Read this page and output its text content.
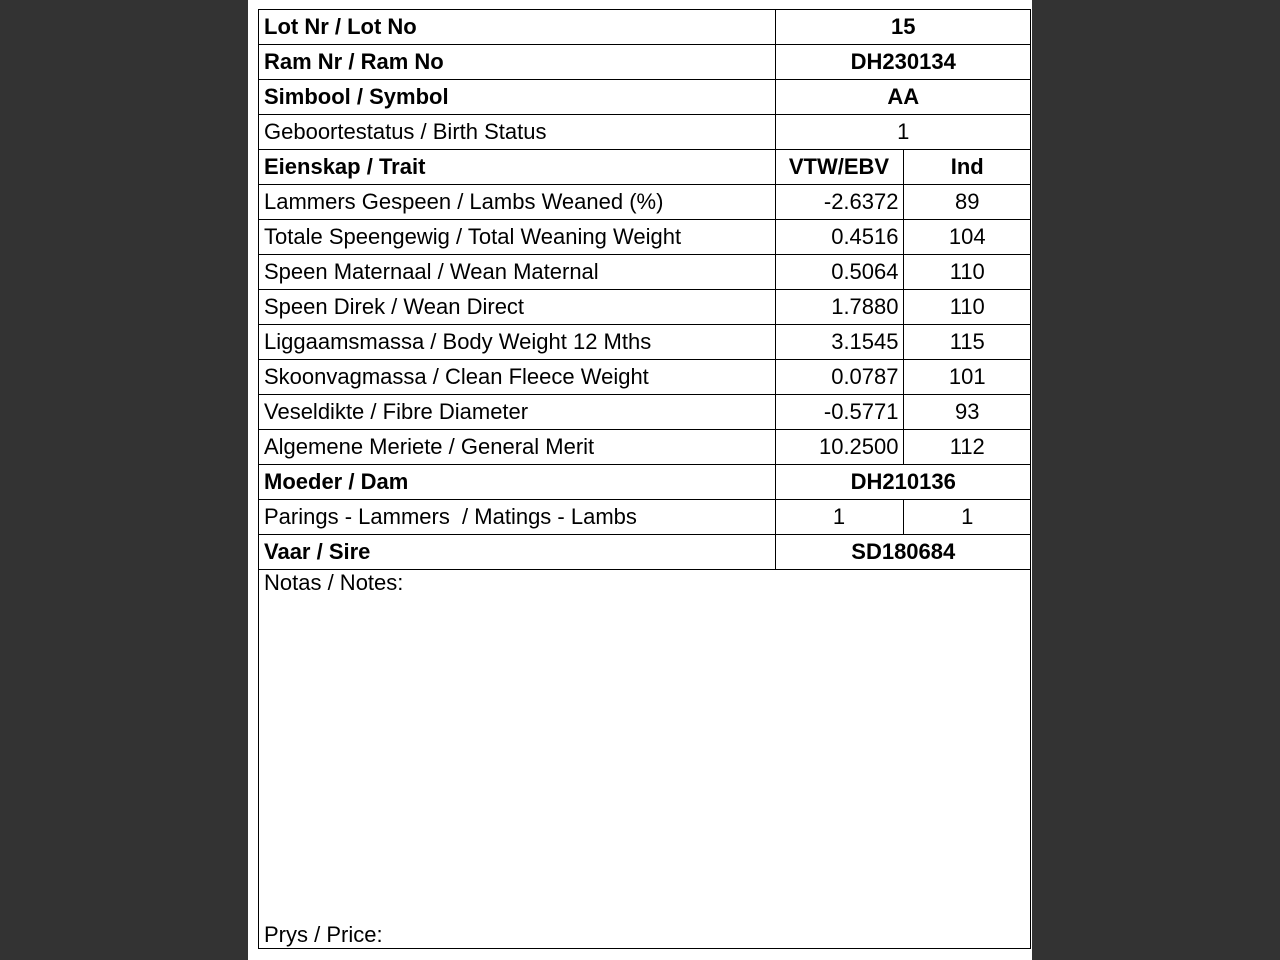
Lot Nr / Lot No	15	
Ram Nr / Ram No	DH230134	
Simbool / Symbol	AA	
Geboortestatus / Birth Status	1	
Eienskap / Trait	VTW/EBV	Ind
Lammers Gespeen / Lambs Weaned (%)	-2.6372	89
Totale Speengewig / Total Weaning Weight	0.4516	104
Speen Maternaal / Wean Maternal	0.5064	110
Speen Direk / Wean Direct	1.7880	110
Liggaamsmassa / Body Weight 12 Mths	3.1545	115
Skoonvagmassa / Clean Fleece Weight	0.0787	101
Veseldikte / Fibre Diameter	-0.5771	93
Algemene Meriete / General Merit	10.2500	112
Moeder / Dam	DH210136	
Parings - Lammers  / Matings - Lambs	1	1
Vaar / Sire	SD180684	
Notas / Notes:
Prys / Price:
